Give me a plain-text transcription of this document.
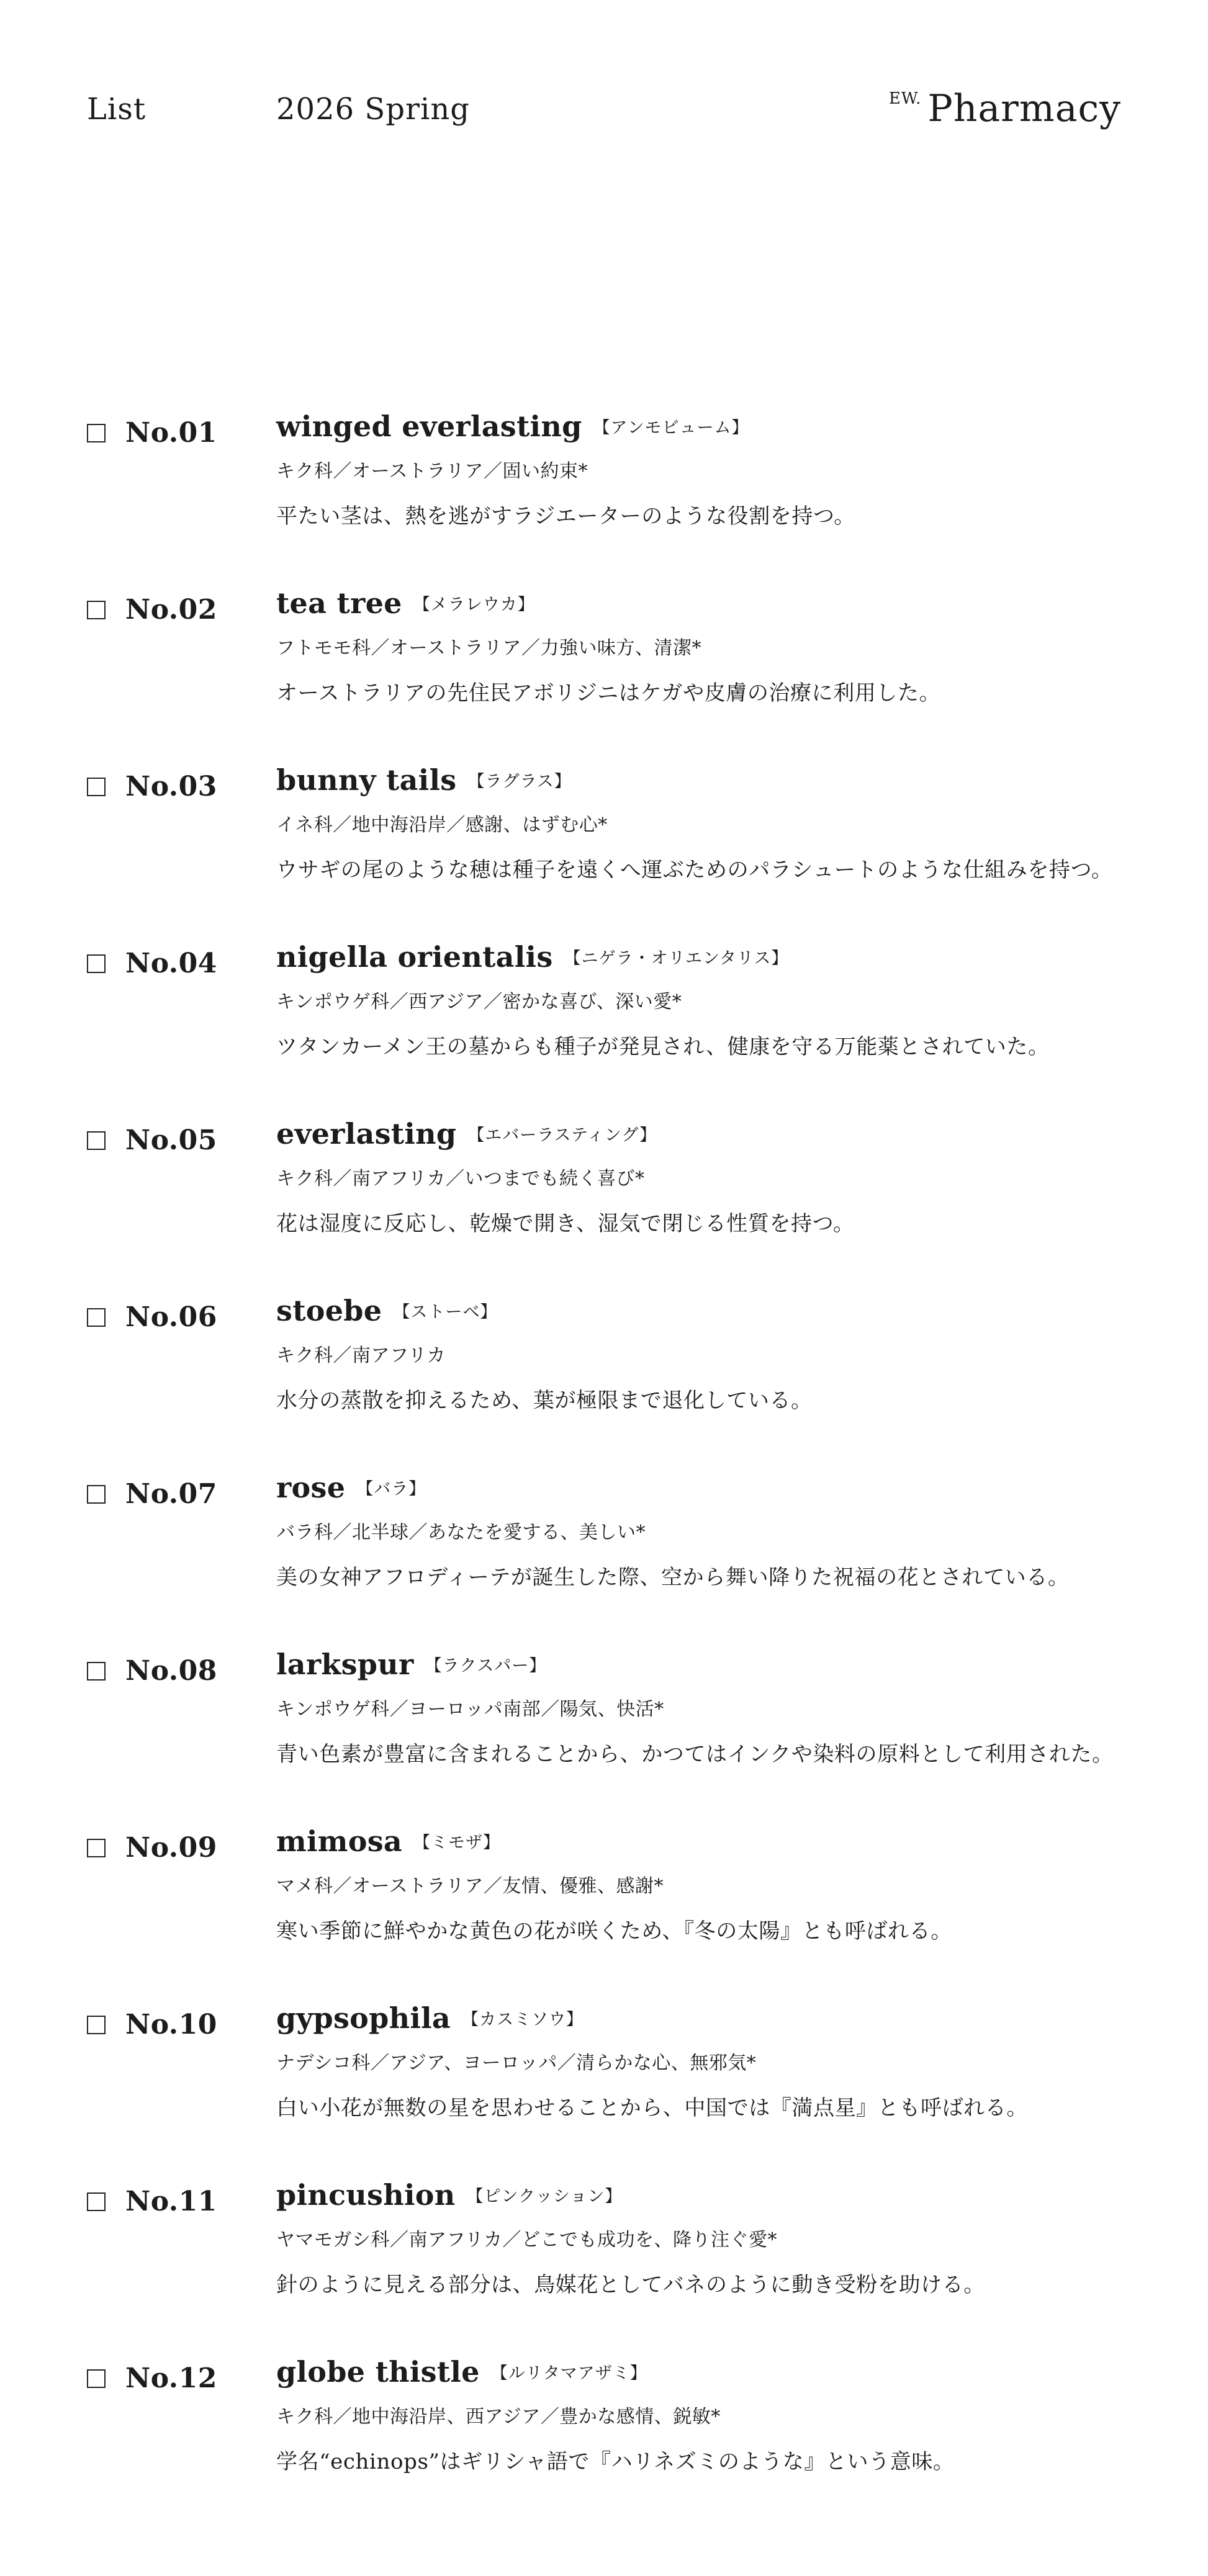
List	2026 Spring	EW. Pharmacy
No.01 winged everlasting 【アンモビューム】
キク科／オーストラリア／固い約束*
平たい茎は、熱を逃がすラジエーターのような役割を持つ。
No.02 tea tree 【メラレウカ】
フトモモ科／オーストラリア／力強い味方、清潔*
オーストラリアの先住民アボリジニはケガや皮膚の治療に利用した。
No.03 bunny tails 【ラグラス】
イネ科／地中海沿岸／感謝、はずむ心*
ウサギの尾のような穂は種子を遠くへ運ぶためのパラシュートのような仕組みを持つ。
No.04 nigella orientalis 【ニゲラ・オリエンタリス】
キンポウゲ科／西アジア／密かな喜び、深い愛*
ツタンカーメン王の墓からも種子が発見され、健康を守る万能薬とされていた。
No.05 everlasting 【エバーラスティング】
キク科／南アフリカ／いつまでも続く喜び*
花は湿度に反応し、乾燥で開き、湿気で閉じる性質を持つ。
No.06 stoebe 【ストーベ】
キク科／南アフリカ
水分の蒸散を抑えるため、葉が極限まで退化している。
No.07 rose 【バラ】
バラ科／北半球／あなたを愛する、美しい*
美の女神アフロディーテが誕生した際、空から舞い降りた祝福の花とされている。
No.08 larkspur 【ラクスパー】
キンポウゲ科／ヨーロッパ南部／陽気、快活*
青い色素が豊富に含まれることから、かつてはインクや染料の原料として利用された。
No.09 mimosa 【ミモザ】
マメ科／オーストラリア／友情、優雅、感謝*
寒い季節に鮮やかな黄色の花が咲くため、『冬の太陽』とも呼ばれる。
No.10 gypsophila 【カスミソウ】
ナデシコ科／アジア、ヨーロッパ／清らかな心、無邪気*
白い小花が無数の星を思わせることから、中国では『満点星』とも呼ばれる。
No.11 pincushion 【ピンクッション】
ヤマモガシ科／南アフリカ／どこでも成功を、降り注ぐ愛*
針のように見える部分は、鳥媒花としてバネのように動き受粉を助ける。
No.12 globe thistle 【ルリタマアザミ】
キク科／地中海沿岸、西アジア／豊かな感情、鋭敏*
学名“echinops”はギリシャ語で『ハリネズミのような』という意味。
